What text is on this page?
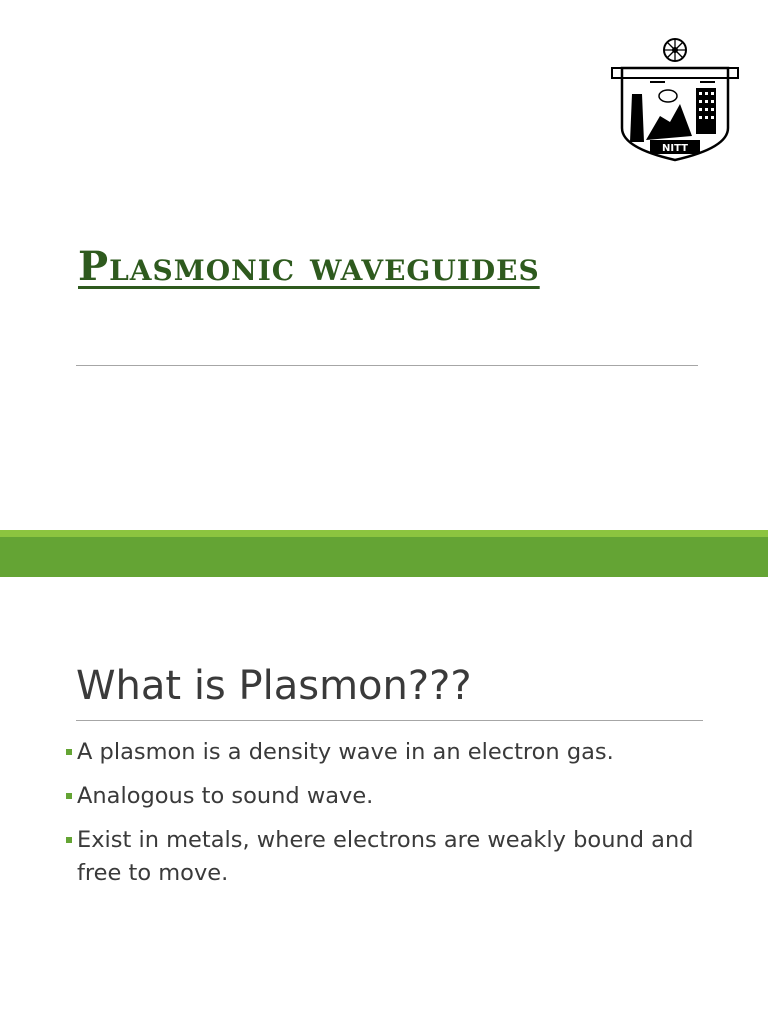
NITT
Plasmonic waveguides
What is Plasmon???
A plasmon is a density wave in an electron gas.
Analogous to sound wave.
Exist in metals, where electrons are weakly bound and free to move.
